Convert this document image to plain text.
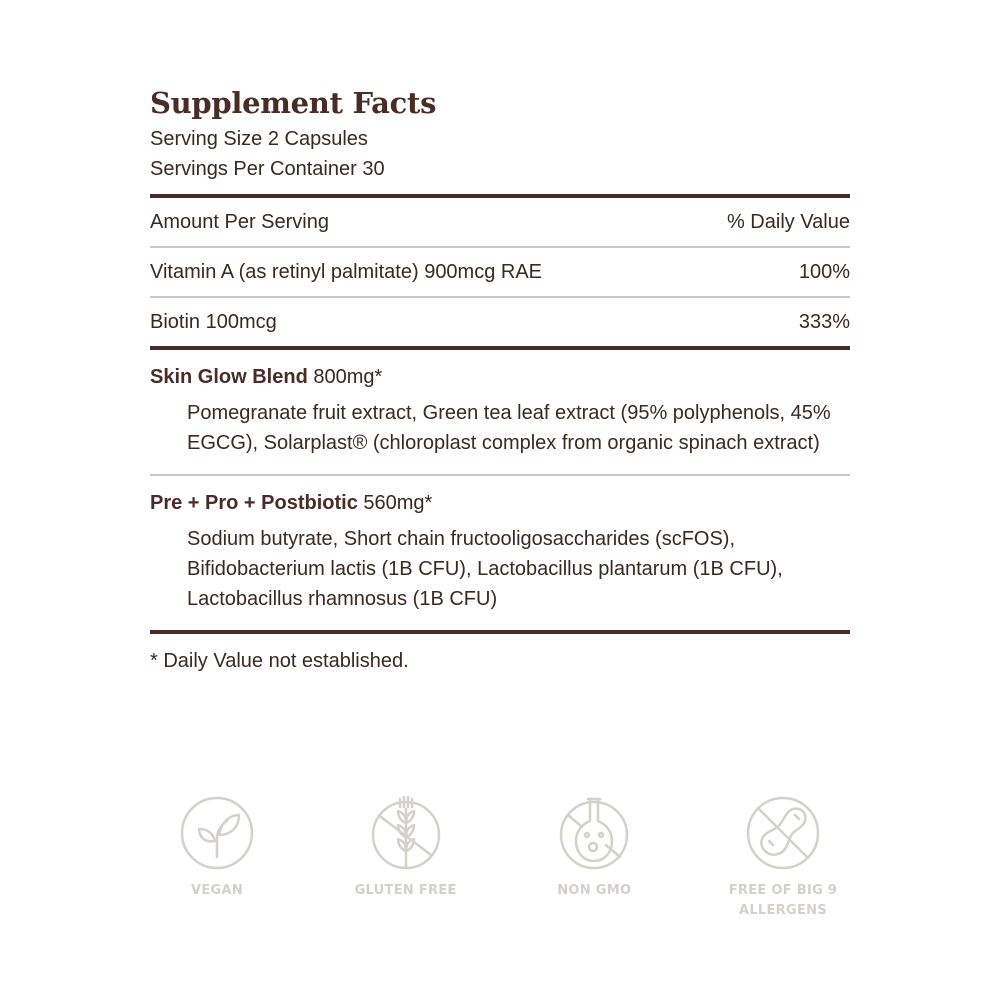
Supplement Facts
Serving Size 2 Capsules
Servings Per Container 30
Amount Per Serving	% Daily Value
Vitamin A (as retinyl palmitate) 900mcg RAE	100%
Biotin 100mcg	333%
Skin Glow Blend 800mg*
Pomegranate fruit extract, Green tea leaf extract (95% polyphenols, 45% EGCG), Solarplast® (chloroplast complex from organic spinach extract)
Pre + Pro + Postbiotic 560mg*
Sodium butyrate, Short chain fructooligosaccharides (scFOS), Bifidobacterium lactis (1B CFU), Lactobacillus plantarum (1B CFU), Lactobacillus rhamnosus (1B CFU)
* Daily Value not established.
VEGAN	GLUTEN FREE	NON GMO	FREE OF BIG 9 ALLERGENS
